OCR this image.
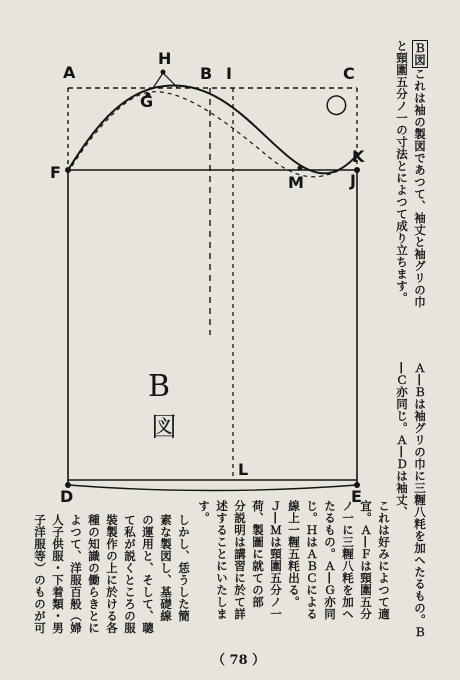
A
H
B I	C
G
F
M
K
J
L
D	E
B
図
○
Ｂ図これは袖の製図であつて、袖丈と袖グリの巾
と頸圍五分ノ一の寸法とによつて成り立ちます。
Ａ―Ｂは袖グリの巾に三糎八粍を加へたるもの。Ｂ
―Ｃ亦同じ。Ａ―Ｄは袖丈、
これは好みによつて適
宜。Ａ―Ｆは頸圍五分
ノ一に三糎八粍を加へ
たるもの。Ａ―Ｇ亦同
じ。ＨはＡＢＣによる
線上一糎五粍出る。
Ｊ―Ｍは頸圍五分ノ一
荷、製圖に就ての部
分説明は講習に於て詳
述することにいたしま
す。
しかし、恁うした簡
素な製図し、基礎線
の運用と、そして、聰
て私が説くところの服
裝製作の上に於ける各
種の知識の働らきとに
よつて、洋服百般（婦
人子供服・下着類・男
子洋服等）のものが可
（ 78 ）
